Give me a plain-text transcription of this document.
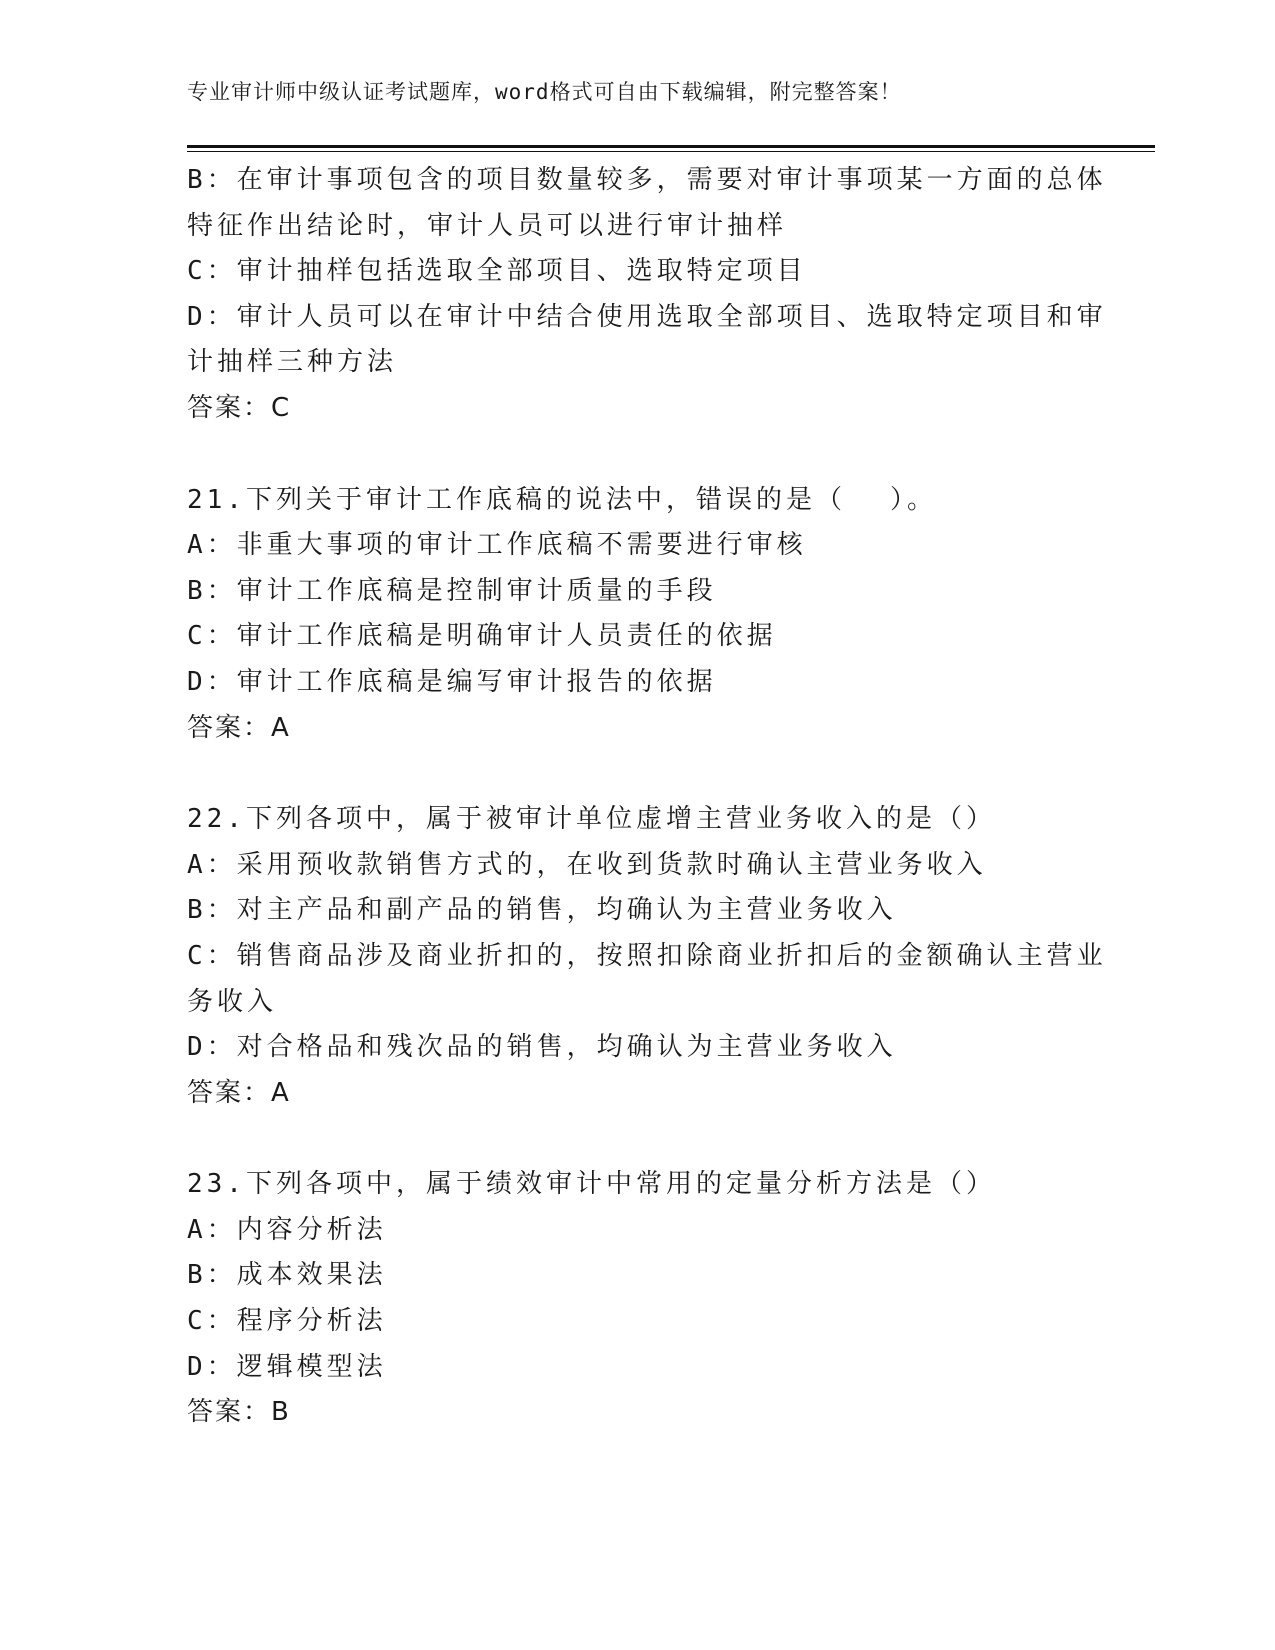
专业审计师中级认证考试题库，word格式可自由下载编辑，附完整答案！
B：在审计事项包含的项目数量较多，需要对审计事项某一方面的总体
特征作出结论时，审计人员可以进行审计抽样
C：审计抽样包括选取全部项目、选取特定项目
D：审计人员可以在审计中结合使用选取全部项目、选取特定项目和审
计抽样三种方法
答案：C
21.下列关于审计工作底稿的说法中，错误的是（ ）。
A：非重大事项的审计工作底稿不需要进行审核
B：审计工作底稿是控制审计质量的手段
C：审计工作底稿是明确审计人员责任的依据
D：审计工作底稿是编写审计报告的依据
答案：A
22.下列各项中，属于被审计单位虚增主营业务收入的是（）
A：采用预收款销售方式的，在收到货款时确认主营业务收入
B：对主产品和副产品的销售，均确认为主营业务收入
C：销售商品涉及商业折扣的，按照扣除商业折扣后的金额确认主营业
务收入
D：对合格品和残次品的销售，均确认为主营业务收入
答案：A
23.下列各项中，属于绩效审计中常用的定量分析方法是（）
A：内容分析法
B：成本效果法
C：程序分析法
D：逻辑模型法
答案：B
